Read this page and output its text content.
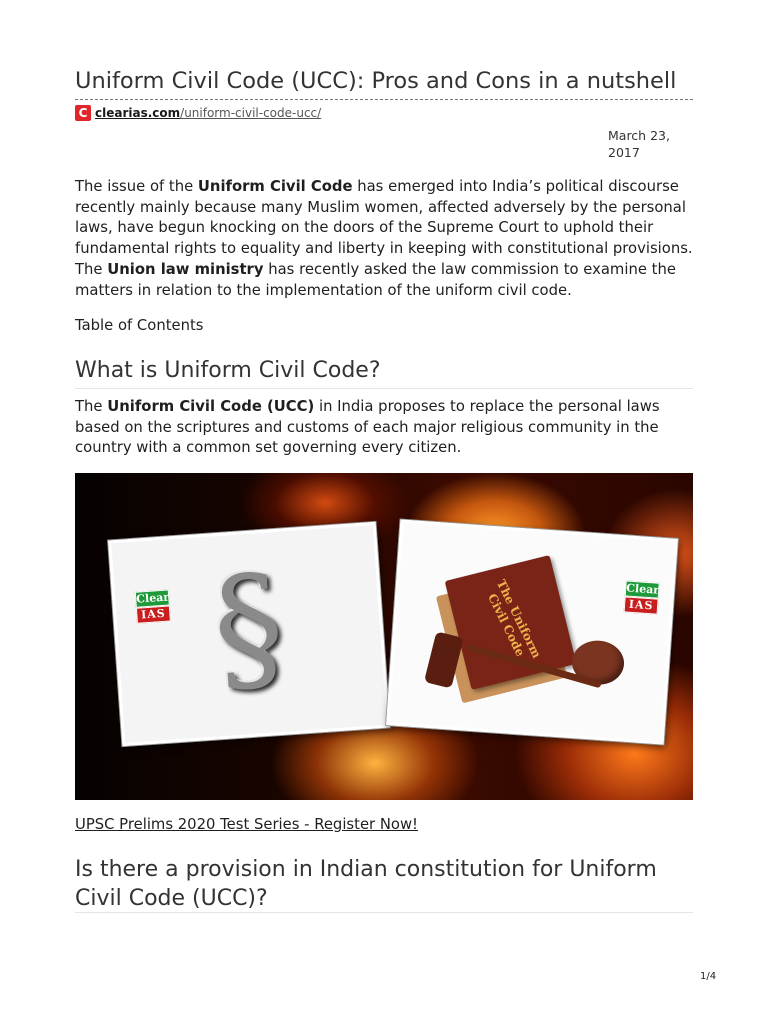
Uniform Civil Code (UCC): Pros and Cons in a nutshell
C clearias.com /uniform-civil-code-ucc/
March 23,
2017

The issue of the Uniform Civil Code has emerged into India’s political discourse recently mainly because many Muslim women, affected adversely by the personal laws, have begun knocking on the doors of the Supreme Court to uphold their fundamental rights to equality and liberty in keeping with constitutional provisions. The Union law ministry has recently asked the law commission to examine the matters in relation to the implementation of the uniform civil code.

Table of Contents
What is Uniform Civil Code?

The Uniform Civil Code (UCC) in India proposes to replace the personal laws based on the scriptures and customs of each major religious community in the country with a common set governing every citizen.

Clear
IAS §	The Uniform Civil Code
Clear
IAS
UPSC Prelims 2020 Test Series - Register Now!
Is there a provision in Indian constitution for Uniform Civil Code (UCC)?
1/4
